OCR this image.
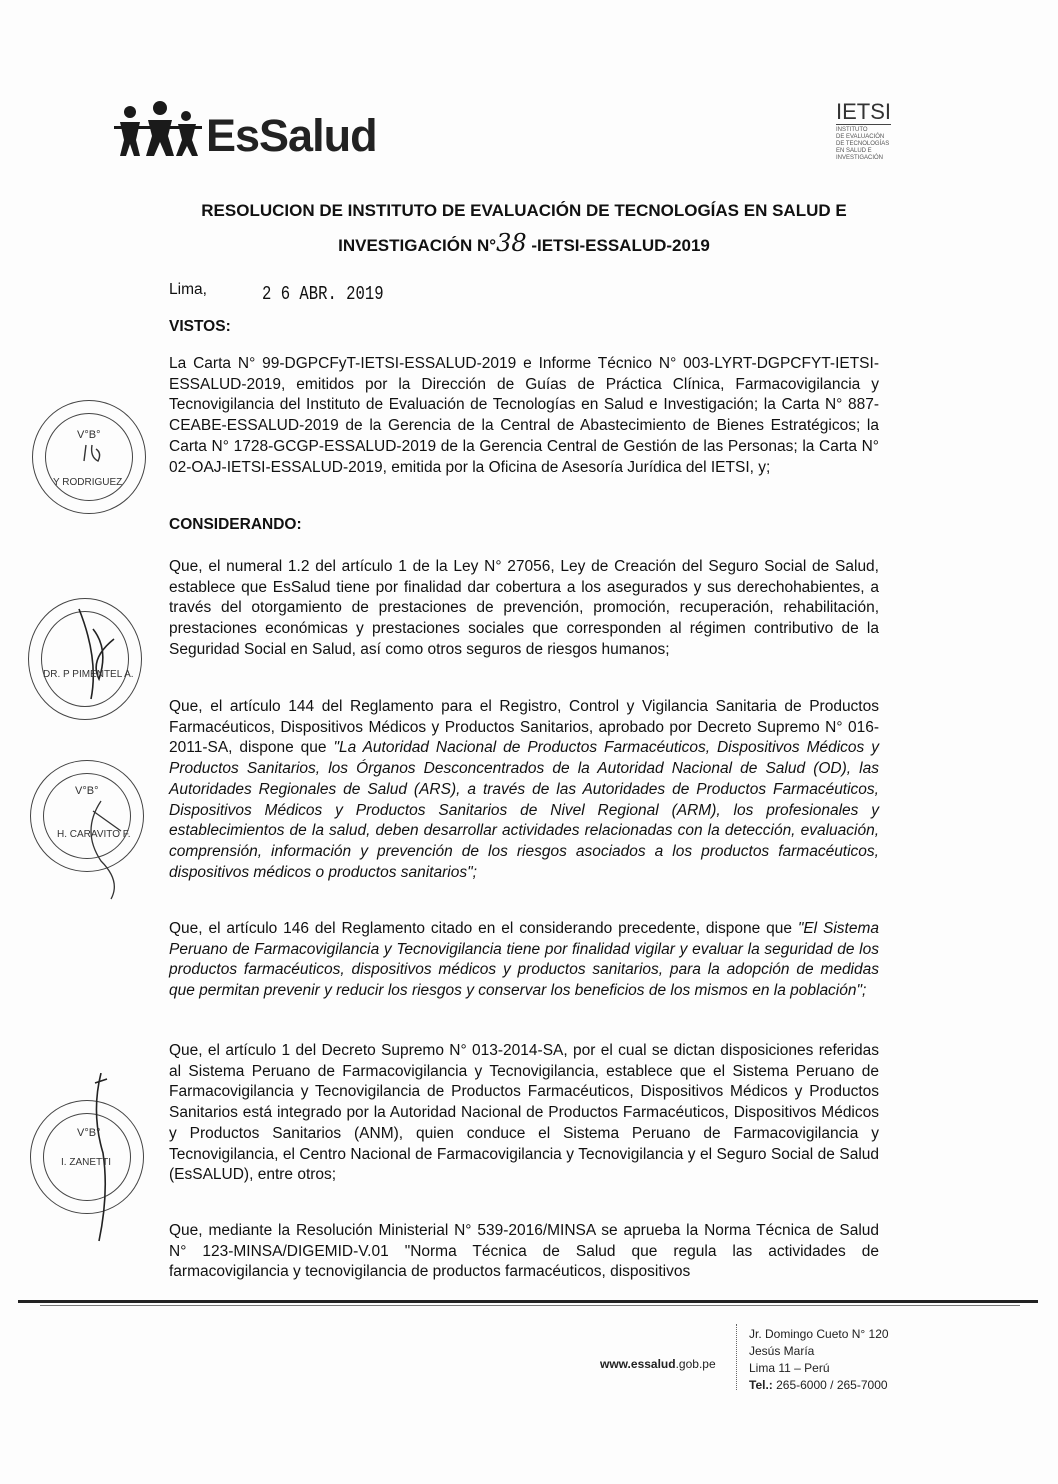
EsSalud	IETSI
INSTITUTO
DE EVALUACIÓN
DE TECNOLOGÍAS
EN SALUD E
INVESTIGACIÓN
RESOLUCION DE INSTITUTO DE EVALUACIÓN DE TECNOLOGÍAS EN SALUD E
INVESTIGACIÓN N°38 -IETSI-ESSALUD-2019
Lima,	2 6 ABR. 2019
VISTOS:
La Carta N° 99-DGPCFyT-IETSI-ESSALUD-2019 e Informe Técnico N° 003-LYRT-DGPCFYT-IETSI-ESSALUD-2019, emitidos por la Dirección de Guías de Práctica Clínica, Farmacovigilancia y Tecnovigilancia del Instituto de Evaluación de Tecnologías en Salud e Investigación; la Carta N° 887-CEABE-ESSALUD-2019 de la Gerencia de la Central de Abastecimiento de Bienes Estratégicos; la Carta N° 1728-GCGP-ESSALUD-2019 de la Gerencia Central de Gestión de las Personas; la Carta N° 02-OAJ-IETSI-ESSALUD-2019, emitida por la Oficina de Asesoría Jurídica del IETSI, y;
CONSIDERANDO:
Que, el numeral 1.2 del artículo 1 de la Ley N° 27056, Ley de Creación del Seguro Social de Salud, establece que EsSalud tiene por finalidad dar cobertura a los asegurados y sus derechohabientes, a través del otorgamiento de prestaciones de prevención, promoción, recuperación, rehabilitación, prestaciones económicas y prestaciones sociales que corresponden al régimen contributivo de la Seguridad Social en Salud, así como otros seguros de riesgos humanos;
Que, el artículo 144 del Reglamento para el Registro, Control y Vigilancia Sanitaria de Productos Farmacéuticos, Dispositivos Médicos y Productos Sanitarios, aprobado por Decreto Supremo N° 016-2011-SA, dispone que "La Autoridad Nacional de Productos Farmacéuticos, Dispositivos Médicos y Productos Sanitarios, los Órganos Desconcentrados de la Autoridad Nacional de Salud (OD), las Autoridades Regionales de Salud (ARS), a través de las Autoridades de Productos Farmacéuticos, Dispositivos Médicos y Productos Sanitarios de Nivel Regional (ARM), los profesionales y establecimientos de la salud, deben desarrollar actividades relacionadas con la detección, evaluación, comprensión, información y prevención de los riesgos asociados a los productos farmacéuticos, dispositivos médicos o productos sanitarios";
Que, el artículo 146 del Reglamento citado en el considerando precedente, dispone que "El Sistema Peruano de Farmacovigilancia y Tecnovigilancia tiene por finalidad vigilar y evaluar la seguridad de los productos farmacéuticos, dispositivos médicos y productos sanitarios, para la adopción de medidas que permitan prevenir y reducir los riesgos y conservar los beneficios de los mismos en la población";
Que, el artículo 1 del Decreto Supremo N° 013-2014-SA, por el cual se dictan disposiciones referidas al Sistema Peruano de Farmacovigilancia y Tecnovigilancia, establece que el Sistema Peruano de Farmacovigilancia y Tecnovigilancia de Productos Farmacéuticos, Dispositivos Médicos y Productos Sanitarios está integrado por la Autoridad Nacional de Productos Farmacéuticos, Dispositivos Médicos y Productos Sanitarios (ANM), quien conduce el Sistema Peruano de Farmacovigilancia y Tecnovigilancia, el Centro Nacional de Farmacovigilancia y Tecnovigilancia y el Seguro Social de Salud (EsSALUD), entre otros;
Que, mediante la Resolución Ministerial N° 539-2016/MINSA se aprueba la Norma Técnica de Salud N° 123-MINSA/DIGEMID-V.01 "Norma Técnica de Salud que regula las actividades de farmacovigilancia y tecnovigilancia de productos farmacéuticos, dispositivos
V°B°
Y RODRIGUEZ
DR. P PIMENTEL A.
V°B°
H. CARAVITO F.
V°B°
I. ZANETTI
www.essalud.gob.pe
Jr. Domingo Cueto N° 120
Jesús María
Lima 11 – Perú
Tel.: 265-6000 / 265-7000
